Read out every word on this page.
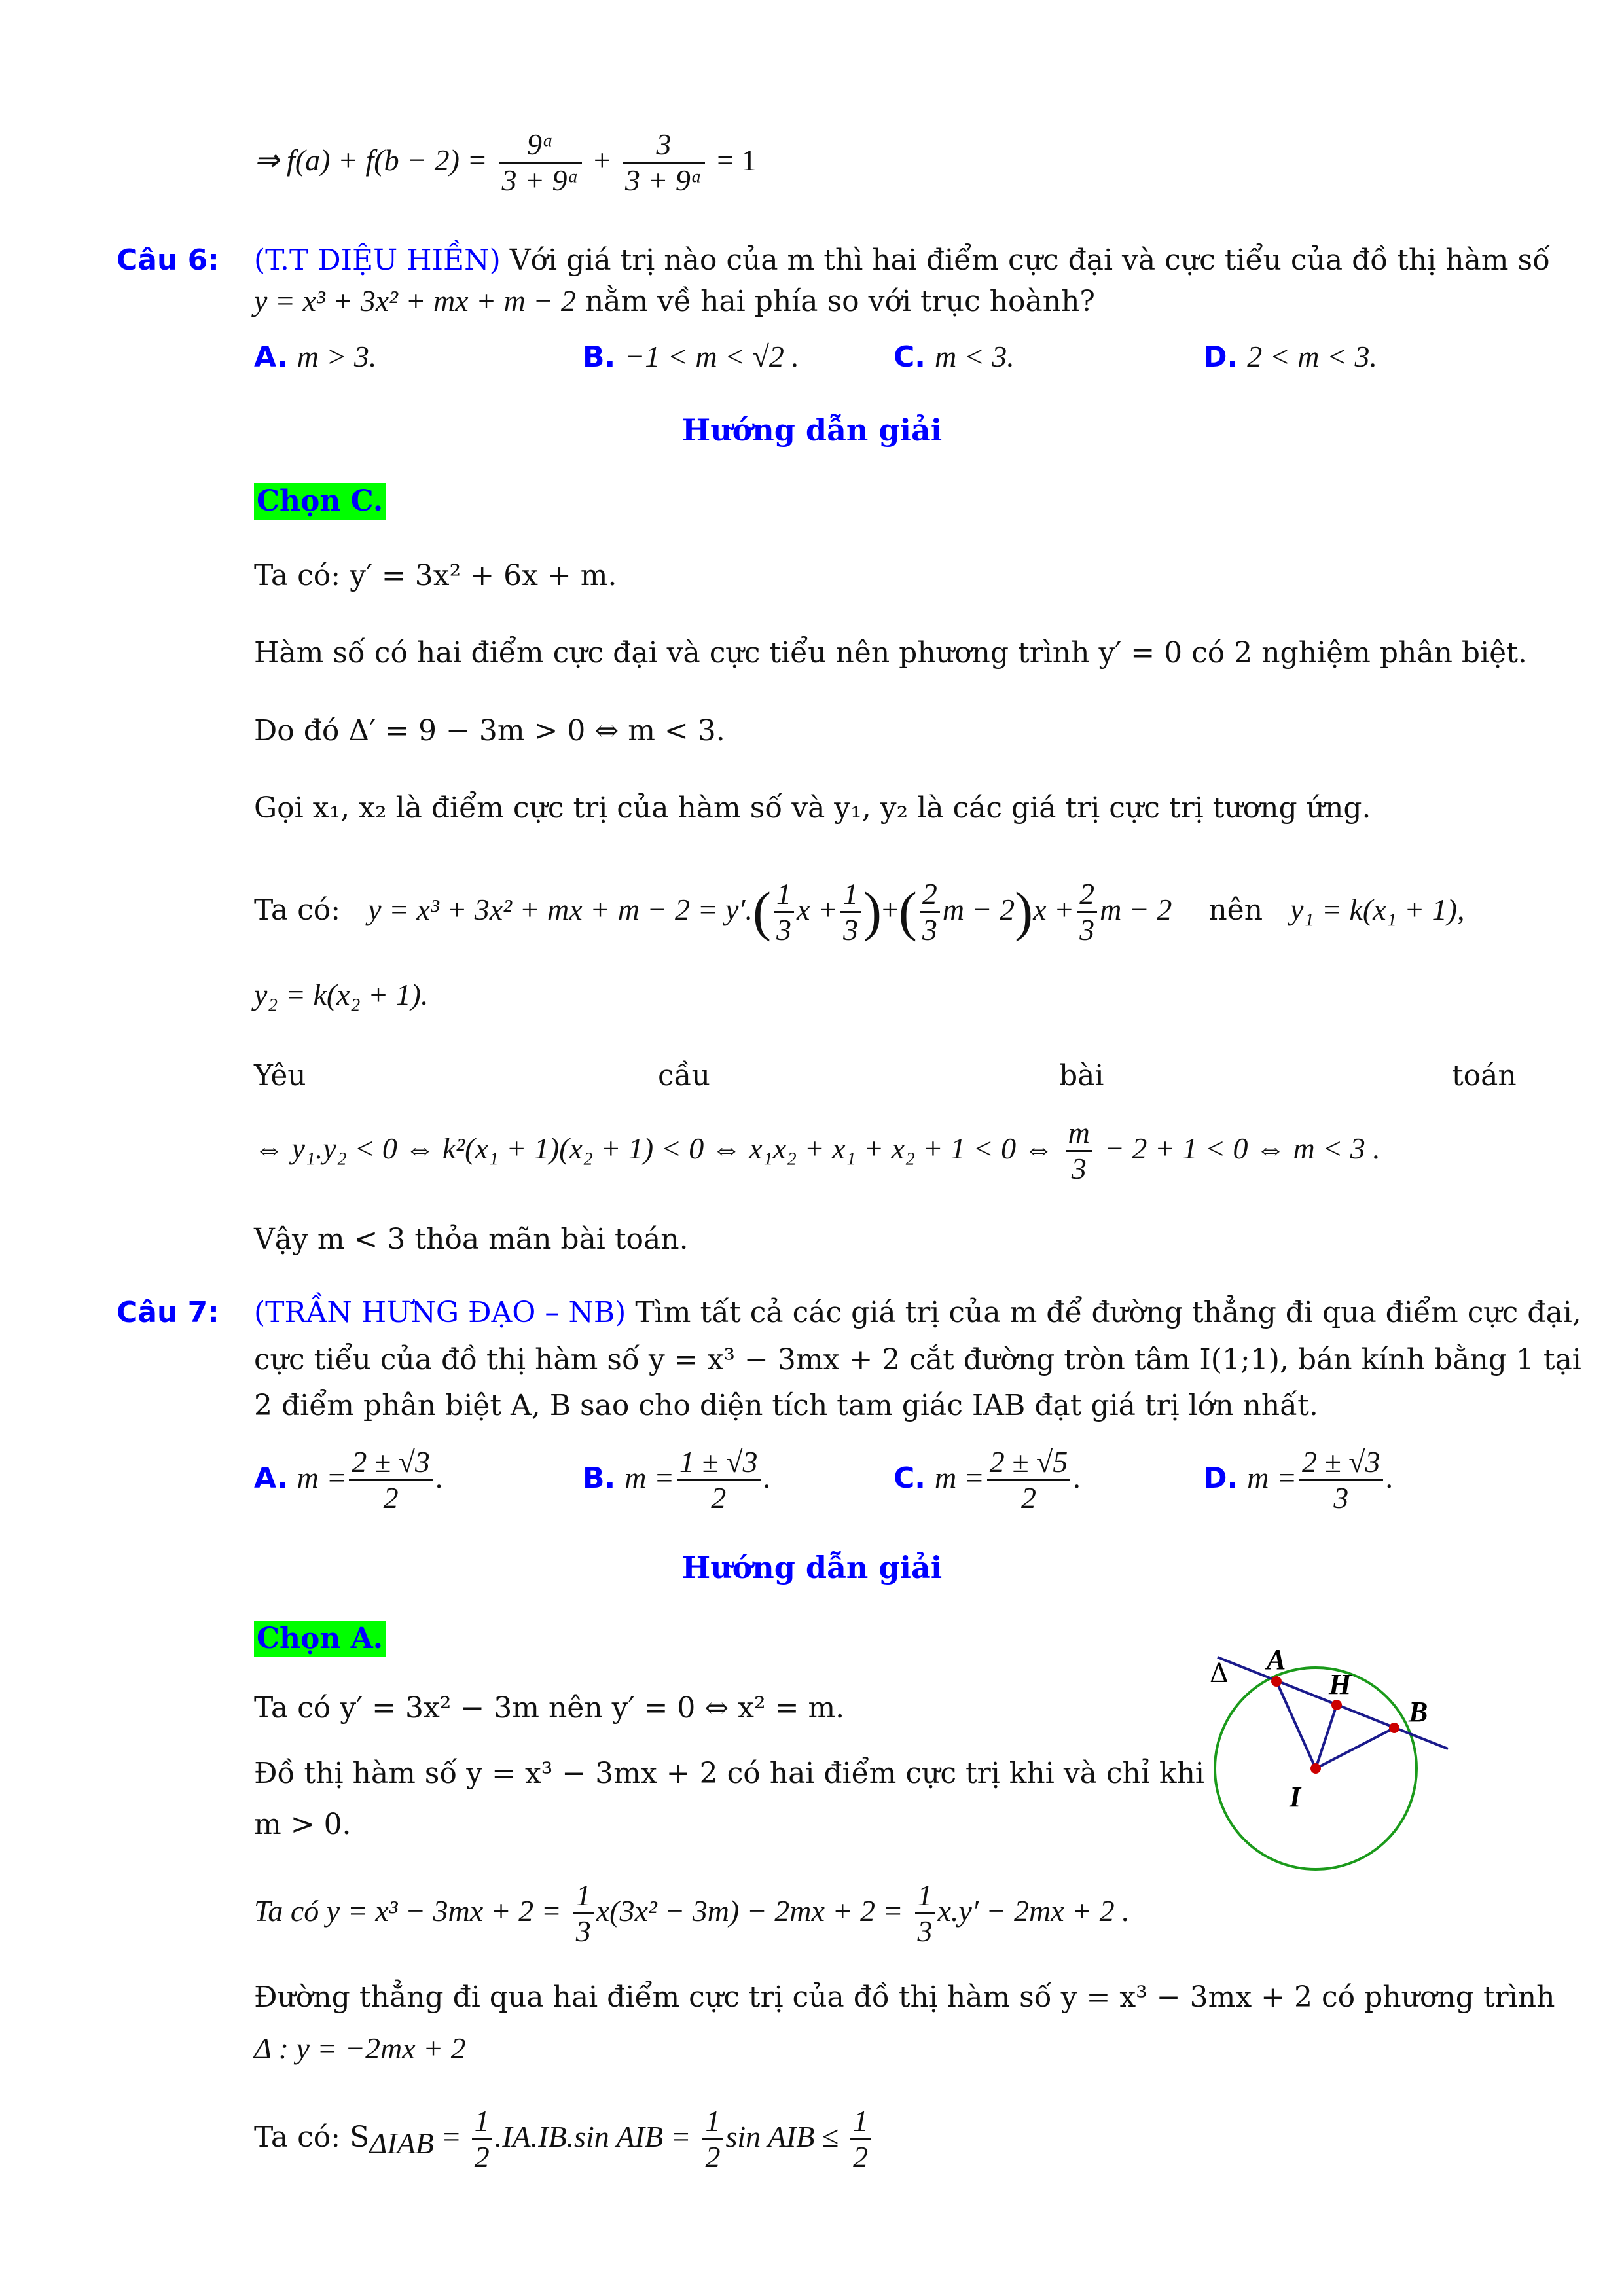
⇒ $f(a) + f(b - 2) = \frac{\text{9ᵃ}}{\text{3 + 9ᵃ}} + \frac{3}{\text{3 + 9ᵃ}} = 1$
Câu 6: (T.T DIỆU HIỀN) Với giá trị nào của m thì hai điểm cực đại và cực tiểu của đồ thị hàm số
y = x³ + 3x² + mx + m − 2 nằm về hai phía so với trục hoành?
A. m > 3.	B. −1 < m < √2 .	C. m < 3.	D. 2 < m < 3.
Hướng dẫn giải
Chọn C.
Ta có: y′ = 3x² + 6x + m.
Hàm số có hai điểm cực đại và cực tiểu nên phương trình y′ = 0 có 2 nghiệm phân biệt.
Do đó Δ′ = 9 − 3m > 0 ⇔ m < 3.
Gọi x₁, x₂ là điểm cực trị của hàm số và y₁, y₂ là các giá trị cực trị tương ứng.
Ta có: y = x³ + 3x² + mx + $m - 2 = y'.( \frac{1}{3}$ $x + \frac{1}{3}$ )+( $\frac{2}{3}$ $m - 2)x + \frac{2}{3}$ m − 2 nên y₁ = k(x₁ + 1),
y₂ = k(x₂ + 1).
Yêu	cầu	bài	toán
⇔ y₁.y₂ < 0 ⇔ k²(x₁ + 1)(x₂ + 1) < 0 ⇔ x₁x₂ + x₁ + x₂ + 1 < 0 ⇔ $\frac{m}{3} - 2 + 1 < 0$ ⇔ m < 3 .
Vậy m < 3 thỏa mãn bài toán.
Câu 7: (TRẦN HƯNG ĐẠO – NB) Tìm tất cả các giá trị của m để đường thẳng đi qua điểm cực đại,
cực tiểu của đồ thị hàm số y = x³ − 3mx + 2 cắt đường tròn tâm I(1;1), bán kính bằng 1 tại
2 điểm phân biệt A, B sao cho diện tích tam giác IAB đạt giá trị lớn nhất.
A. $m = \frac{2 \pm √3}{2}$ .	B. $m = \frac{1 \pm √3}{2}$ .	C. $m = \frac{2 \pm √5}{2}$ .	D. $m = \frac{2 \pm √3}{3}$ .
Hướng dẫn giải
Chọn A.
Ta có y′ = 3x² − 3m nên y′ = 0 ⇔ x² = m.
Đồ thị hàm số y = x³ − 3mx + 2 có hai điểm cực trị khi và chỉ khi
m > 0.
Ta có $y = x^3 - 3mx + 2 = \frac{1}{3} x(3x^2 - 3m) - 2mx + 2 = \frac{1}{3} x.y' - 2mx + 2$ .
Đường thẳng đi qua hai điểm cực trị của đồ thị hàm số y = x³ − 3mx + 2 có phương trình
Δ : y = −2mx + 2
Ta có: $S_{\Delta IAB} = \frac{1}{2} .IA.IB.\sin$ AIB = $\frac{1}{2}$ sin AIB ≤ $\frac{1}{2}$
A
H
B
I
Δ
